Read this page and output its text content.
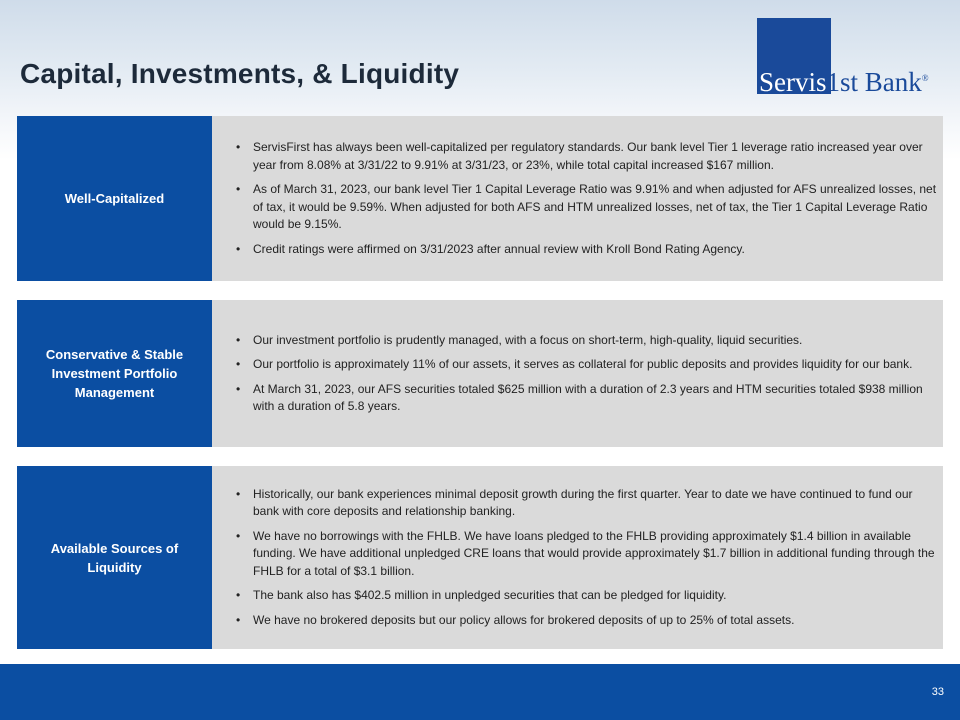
Capital, Investments, & Liquidity	Servis1st Bank®
Well-Capitalized
• ServisFirst has always been well-capitalized per regulatory standards. Our bank level Tier 1 leverage ratio increased year over year from 8.08% at 3/31/22 to 9.91% at 3/31/23, or 23%, while total capital increased $167 million.
• As of March 31, 2023, our bank level Tier 1 Capital Leverage Ratio was 9.91% and when adjusted for AFS unrealized losses, net of tax, it would be 9.59%. When adjusted for both AFS and HTM unrealized losses, net of tax, the Tier 1 Capital Leverage Ratio would be 9.15%.
• Credit ratings were affirmed on 3/31/2023 after annual review with Kroll Bond Rating Agency.
Conservative & Stable Investment Portfolio Management
• Our investment portfolio is prudently managed, with a focus on short-term, high-quality, liquid securities.
• Our portfolio is approximately 11% of our assets, it serves as collateral for public deposits and provides liquidity for our bank.
• At March 31, 2023, our AFS securities totaled $625 million with a duration of 2.3 years and HTM securities totaled $938 million with a duration of 5.8 years.
Available Sources of Liquidity
• Historically, our bank experiences minimal deposit growth during the first quarter. Year to date we have continued to fund our bank with core deposits and relationship banking.
• We have no borrowings with the FHLB. We have loans pledged to the FHLB providing approximately $1.4 billion in available funding. We have additional unpledged CRE loans that would provide approximately $1.7 billion in additional funding through the FHLB for a total of $3.1 billion.
• The bank also has $402.5 million in unpledged securities that can be pledged for liquidity.
• We have no brokered deposits but our policy allows for brokered deposits of up to 25% of total assets.
33
